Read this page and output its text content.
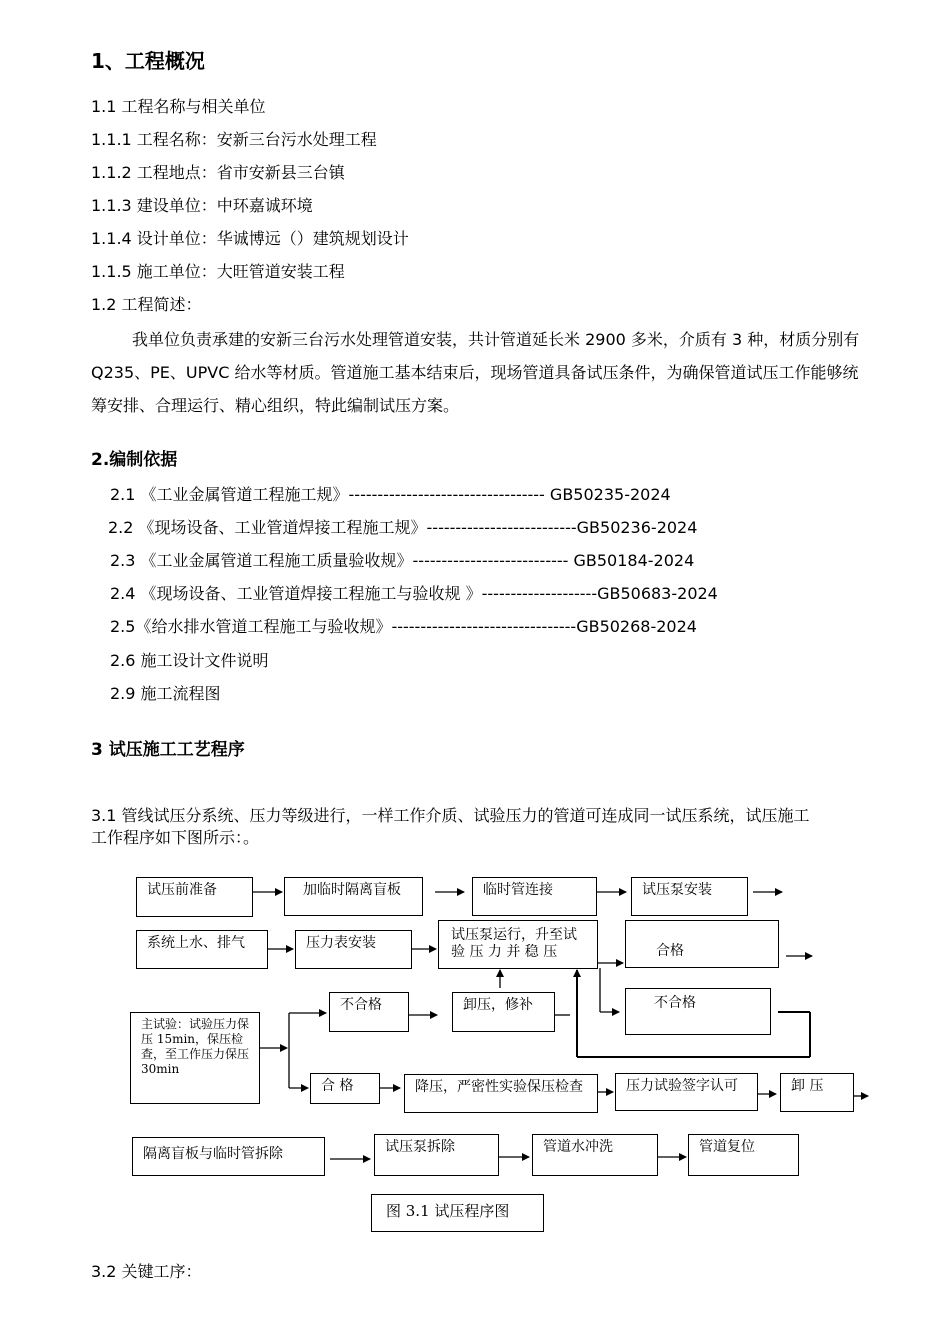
1、工程概况
1.1 工程名称与相关单位
1.1.1 工程名称：安新三台污水处理工程
1.1.2 工程地点：省市安新县三台镇
1.1.3 建设单位：中环嘉诚环境
1.1.4 设计单位：华诚博远（）建筑规划设计
1.1.5 施工单位：大旺管道安装工程
1.2 工程简述：
我单位负责承建的安新三台污水处理管道安装，共计管道延长米 2900 多米，介质有 3 种，材质分别有 Q235、PE、UPVC 给水等材质。管道施工基本结束后，现场管道具备试压条件，为确保管道试压工作能够统筹安排、合理运行、精心组织，特此编制试压方案。
2.编制依据
2.1 《工业金属管道工程施工规》---------------------------------- GB50235-2024
2.2 《现场设备、工业管道焊接工程施工规》--------------------------GB50236-2024
2.3 《工业金属管道工程施工质量验收规》--------------------------- GB50184-2024
2.4 《现场设备、工业管道焊接工程施工与验收规 》--------------------GB50683-2024
2.5《给水排水管道工程施工与验收规》--------------------------------GB50268-2024
2.6 施工设计文件说明
2.9 施工流程图
3 试压施工工艺程序
3.1 管线试压分系统、压力等级进行，一样工作介质、试验压力的管道可连成同一试压系统，试压施工
工作程序如下图所示：。
试压前准备	加临时隔离盲板	临时管连接	试压泵安装
系统上水、排气	压力表安装	试压泵运行，升至试验 压 力 并 稳 压	合格
主试验：试验压力保压 15min，保压检查，至工作压力保压 30min
不合格	卸压，修补	不合格
合 格	降压，严密性实验保压检查	压力试验签字认可	卸 压
隔离盲板与临时管拆除	试压泵拆除	管道水冲洗	管道复位
图 3.1 试压程序图
3.2 关键工序：
